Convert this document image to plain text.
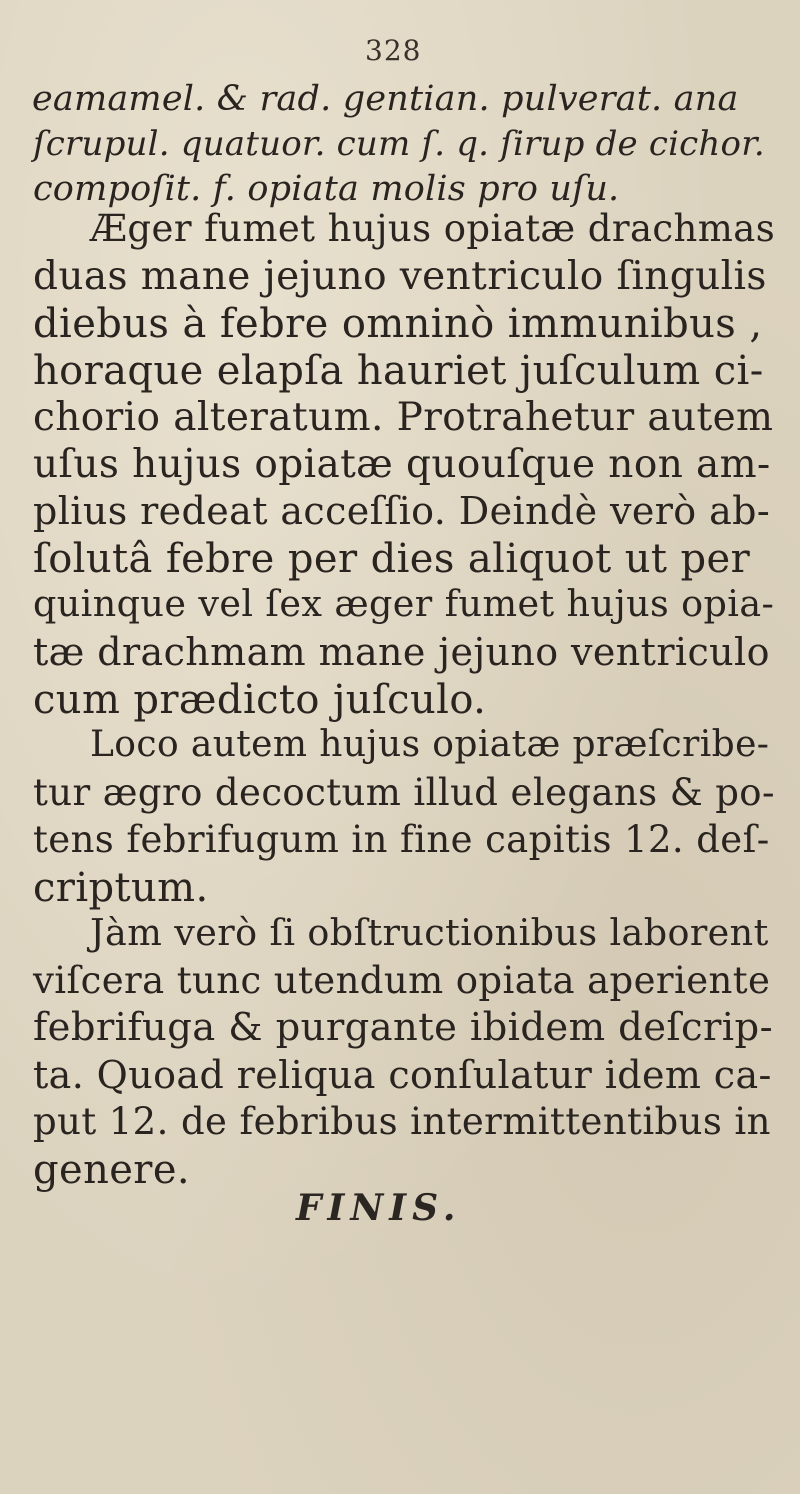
328
eamamel. & rad. gentian. pulverat. ana
ſcrupul. quatuor. cum ſ. q. ſirup de cichor.
compoſit. f. opiata molis pro uſu.
Æger fumet hujus opiatæ drachmas
duas mane jejuno ventriculo ſingulis
diebus à febre omninò immunibus ,
horaque elapſa hauriet juſculum ci-
chorio alteratum. Protrahetur autem
uſus hujus opiatæ quouſque non am-
plius redeat acceſſio. Deindè verò ab-
ſolutâ febre per dies aliquot ut per
quinque vel ſex æger fumet hujus opia-
tæ drachmam mane jejuno ventriculo
cum prædicto juſculo.
Loco autem hujus opiatæ præſcribe-
tur ægro decoctum illud elegans & po-
tens febrifugum in fine capitis 12. deſ-
criptum.
Jàm verò ſi obſtructionibus laborent
viſcera tunc utendum opiata aperiente
febrifuga & purgante ibidem deſcrip-
ta. Quoad reliqua conſulatur idem ca-
put 12. de febribus intermittentibus in
genere.
FINIS.
